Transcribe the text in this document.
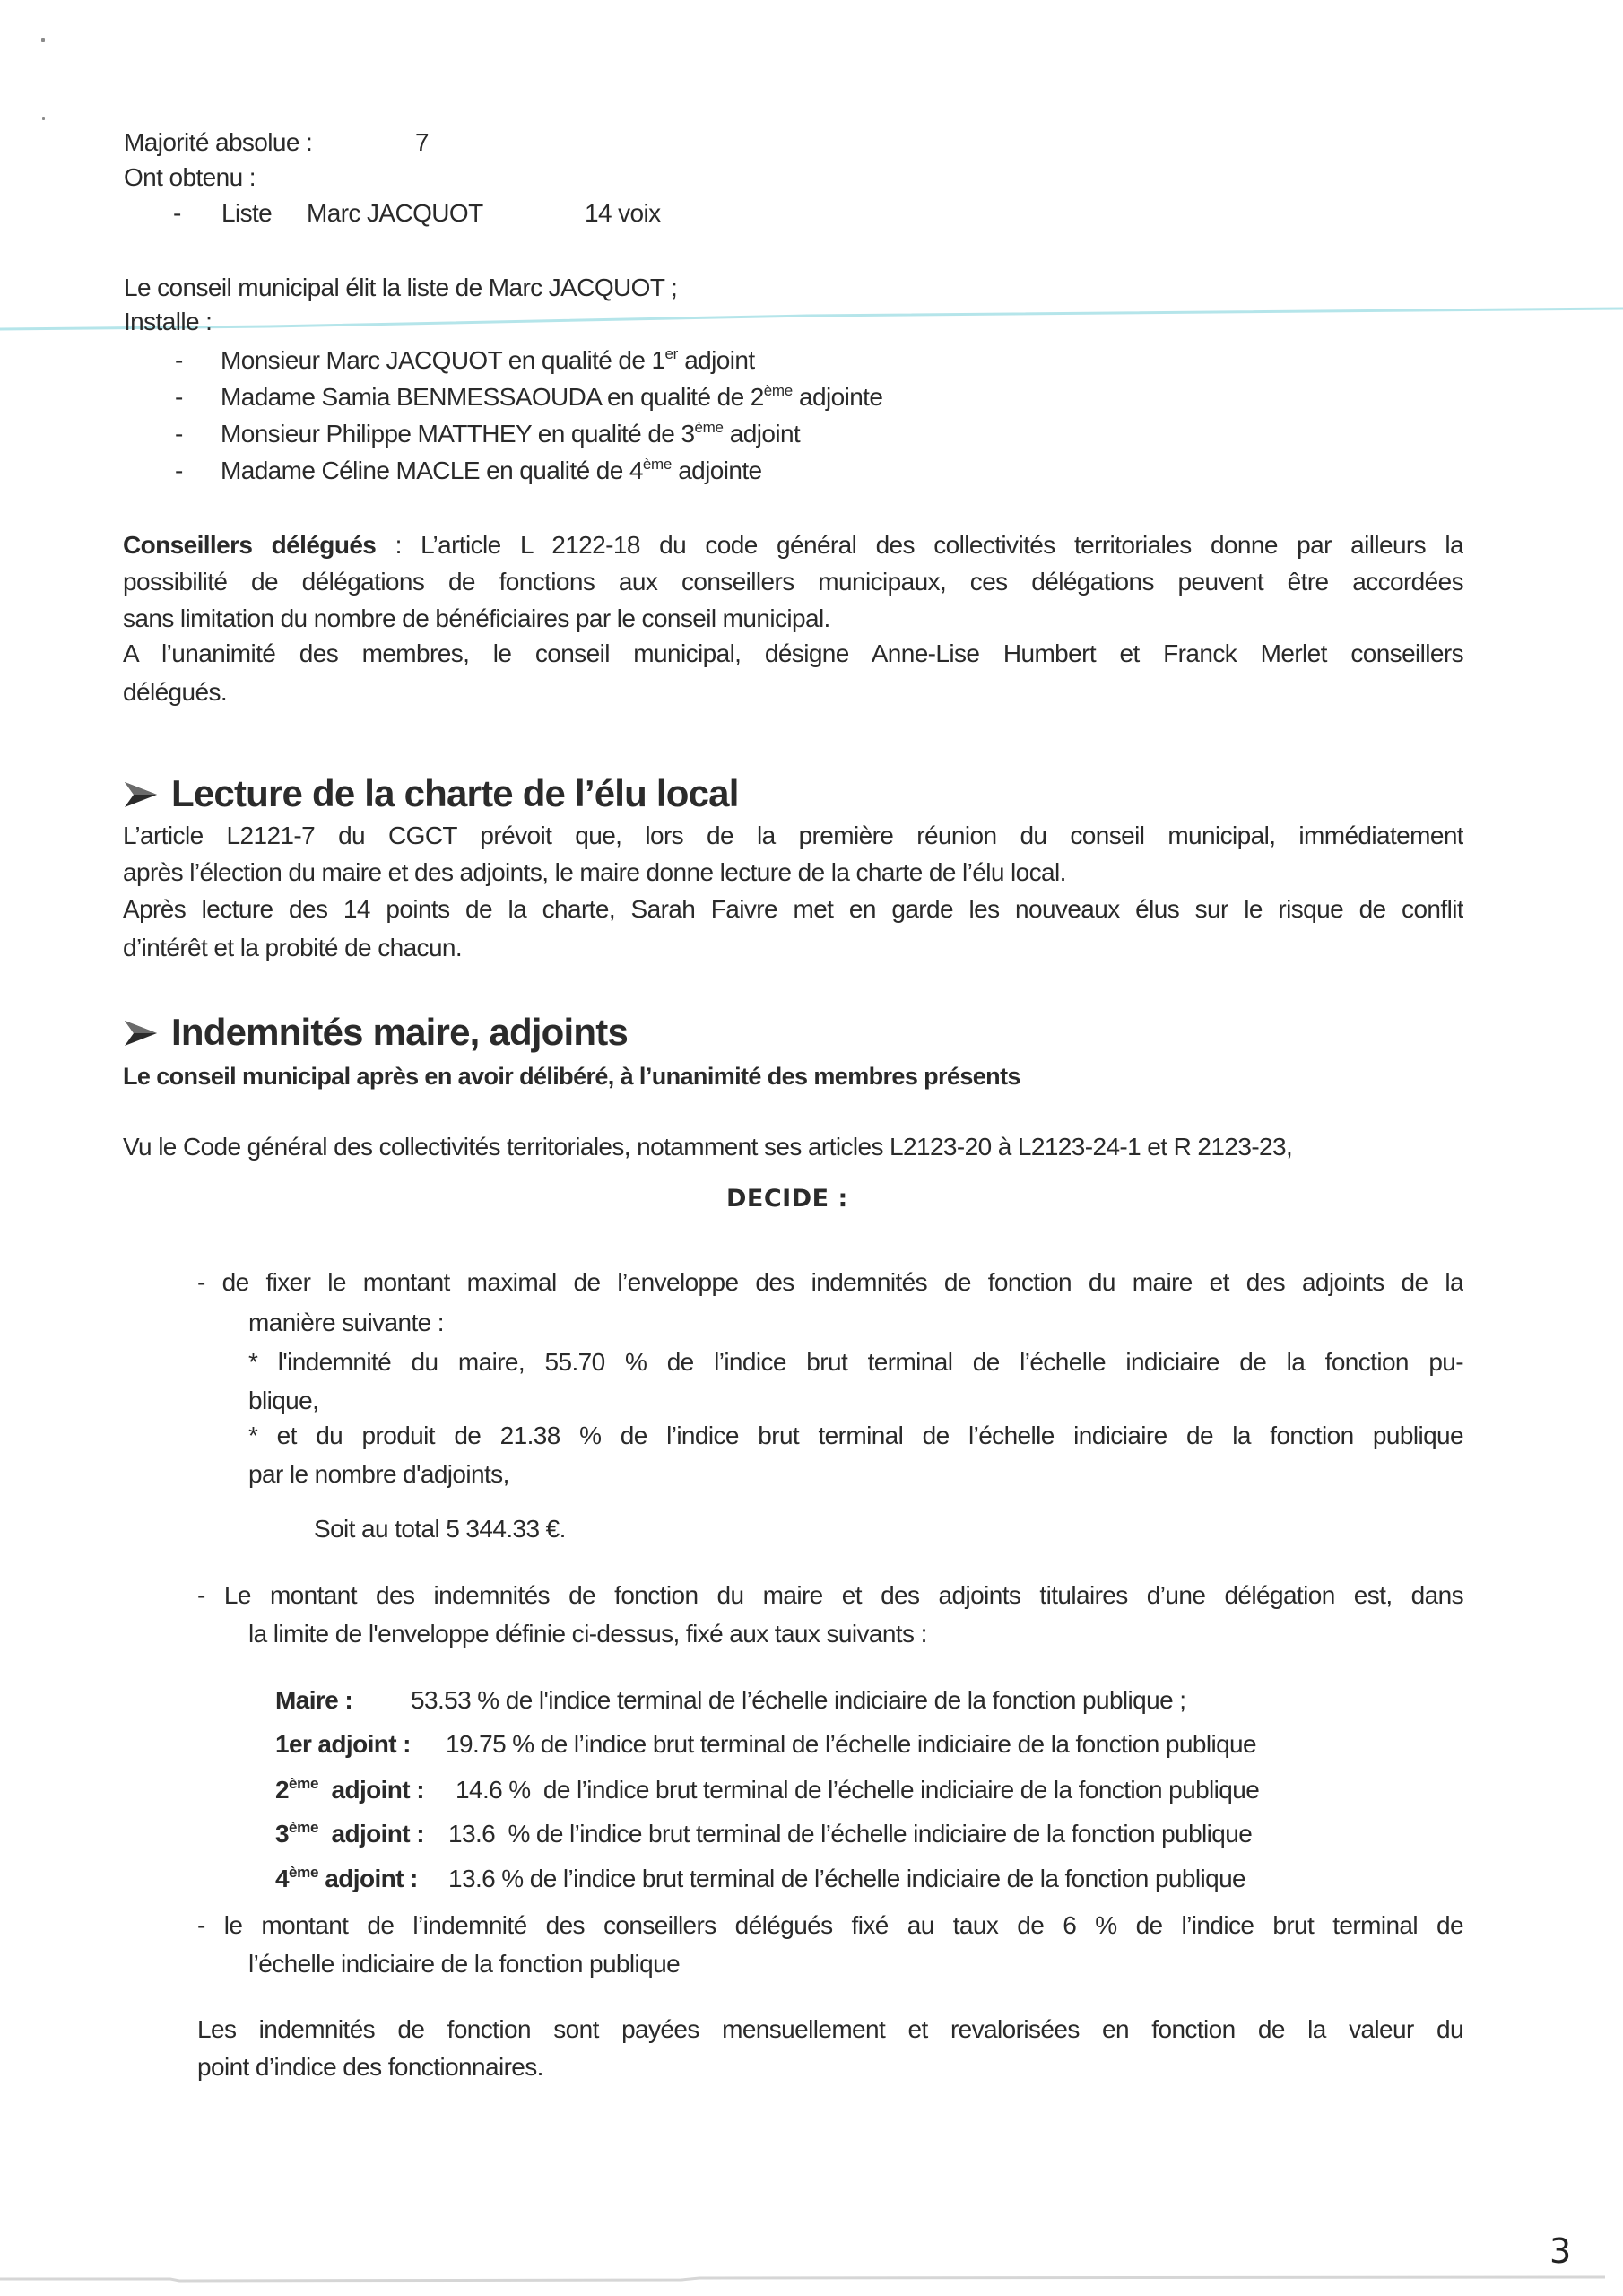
Majorité absolue :	7
Ont obtenu :
- Liste Marc JACQUOT	14 voix
Le conseil municipal élit la liste de Marc JACQUOT ;
Installe :
- Monsieur Marc JACQUOT en qualité de 1er adjoint
- Madame Samia BENMESSAOUDA en qualité de 2ème adjointe
- Monsieur Philippe MATTHEY en qualité de 3ème adjoint
- Madame Céline MACLE en qualité de 4ème adjointe
Conseillers délégués : L’article L 2122-18 du code général des collectivités territoriales donne par ailleurs la
possibilité de délégations de fonctions aux conseillers municipaux, ces délégations peuvent être accordées
sans limitation du nombre de bénéficiaires par le conseil municipal.
A l’unanimité des membres, le conseil municipal, désigne Anne-Lise Humbert et Franck Merlet conseillers
délégués.
Lecture de la charte de l’élu local
L’article L2121-7 du CGCT prévoit que, lors de la première réunion du conseil municipal, immédiatement
après l’élection du maire et des adjoints, le maire donne lecture de la charte de l’élu local.
Après lecture des 14 points de la charte, Sarah Faivre met en garde les nouveaux élus sur le risque de conflit
d’intérêt et la probité de chacun.
Indemnités maire, adjoints
Le conseil municipal après en avoir délibéré, à l’unanimité des membres présents
Vu le Code général des collectivités territoriales, notamment ses articles L2123-20 à L2123-24-1 et R 2123-23,
DECIDE :
- de fixer le montant maximal de l’enveloppe des indemnités de fonction du maire et des adjoints de la
manière suivante :
* l'indemnité du maire, 55.70 % de l’indice brut terminal de l’échelle indiciaire de la fonction pu-
blique,
* et du produit de 21.38 % de l’indice brut terminal de l’échelle indiciaire de la fonction publique
par le nombre d'adjoints,
Soit au total 5 344.33 €.
- Le montant des indemnités de fonction du maire et des adjoints titulaires d’une délégation est, dans
la limite de l'enveloppe définie ci-dessus, fixé aux taux suivants :
Maire : 53.53 % de l'indice terminal de l’échelle indiciaire de la fonction publique ;
1er adjoint : 19.75 % de l’indice brut terminal de l’échelle indiciaire de la fonction publique
2ème  adjoint : 14.6 %  de l’indice brut terminal de l’échelle indiciaire de la fonction publique
3ème  adjoint : 13.6  % de l’indice brut terminal de l’échelle indiciaire de la fonction publique
4ème adjoint : 13.6 % de l’indice brut terminal de l’échelle indiciaire de la fonction publique
- le montant de l’indemnité des conseillers délégués fixé au taux de 6 % de l’indice brut terminal de
l’échelle indiciaire de la fonction publique
Les indemnités de fonction sont payées mensuellement et revalorisées en fonction de la valeur du
point d’indice des fonctionnaires.
3
